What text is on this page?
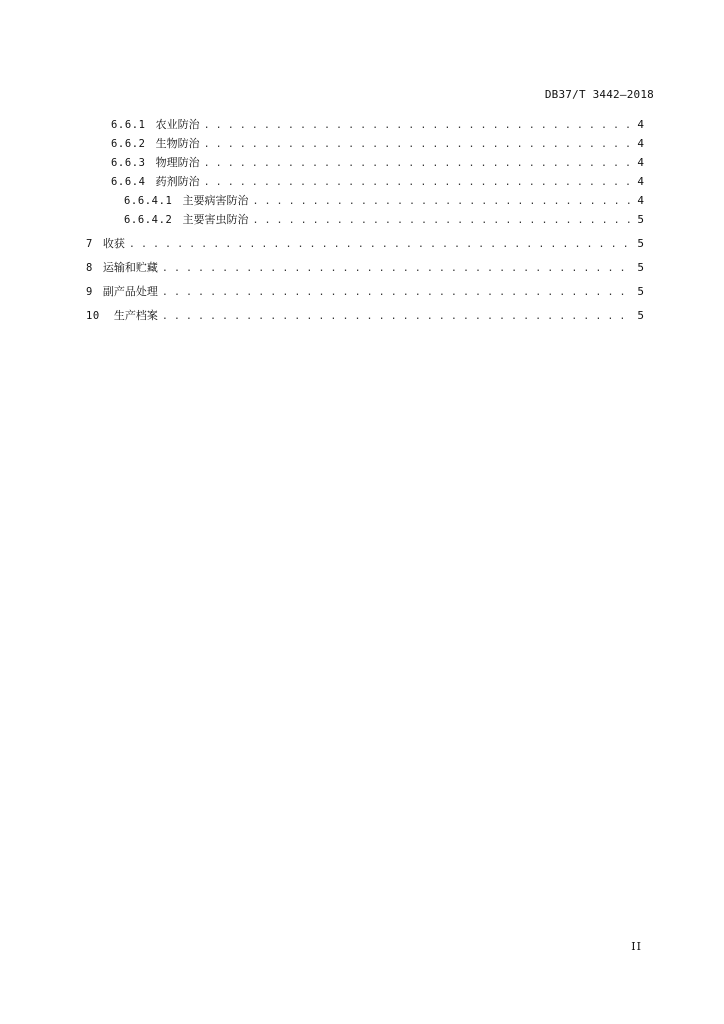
DB37/T 3442—2018
6.6.1 农业防治 . . .	4
6.6.2 生物防治 . . .	4
6.6.3 物理防治 . . .	4
6.6.4 药剂防治 . . .	4
6.6.4.1 主要病害防治 . . .	4
6.6.4.2 主要害虫防治 . . .	5
7 收获 . . .	5
8 运输和贮藏 . . .	5
9 副产品处理 . . .	5
10 生产档案 . . .	5
II
